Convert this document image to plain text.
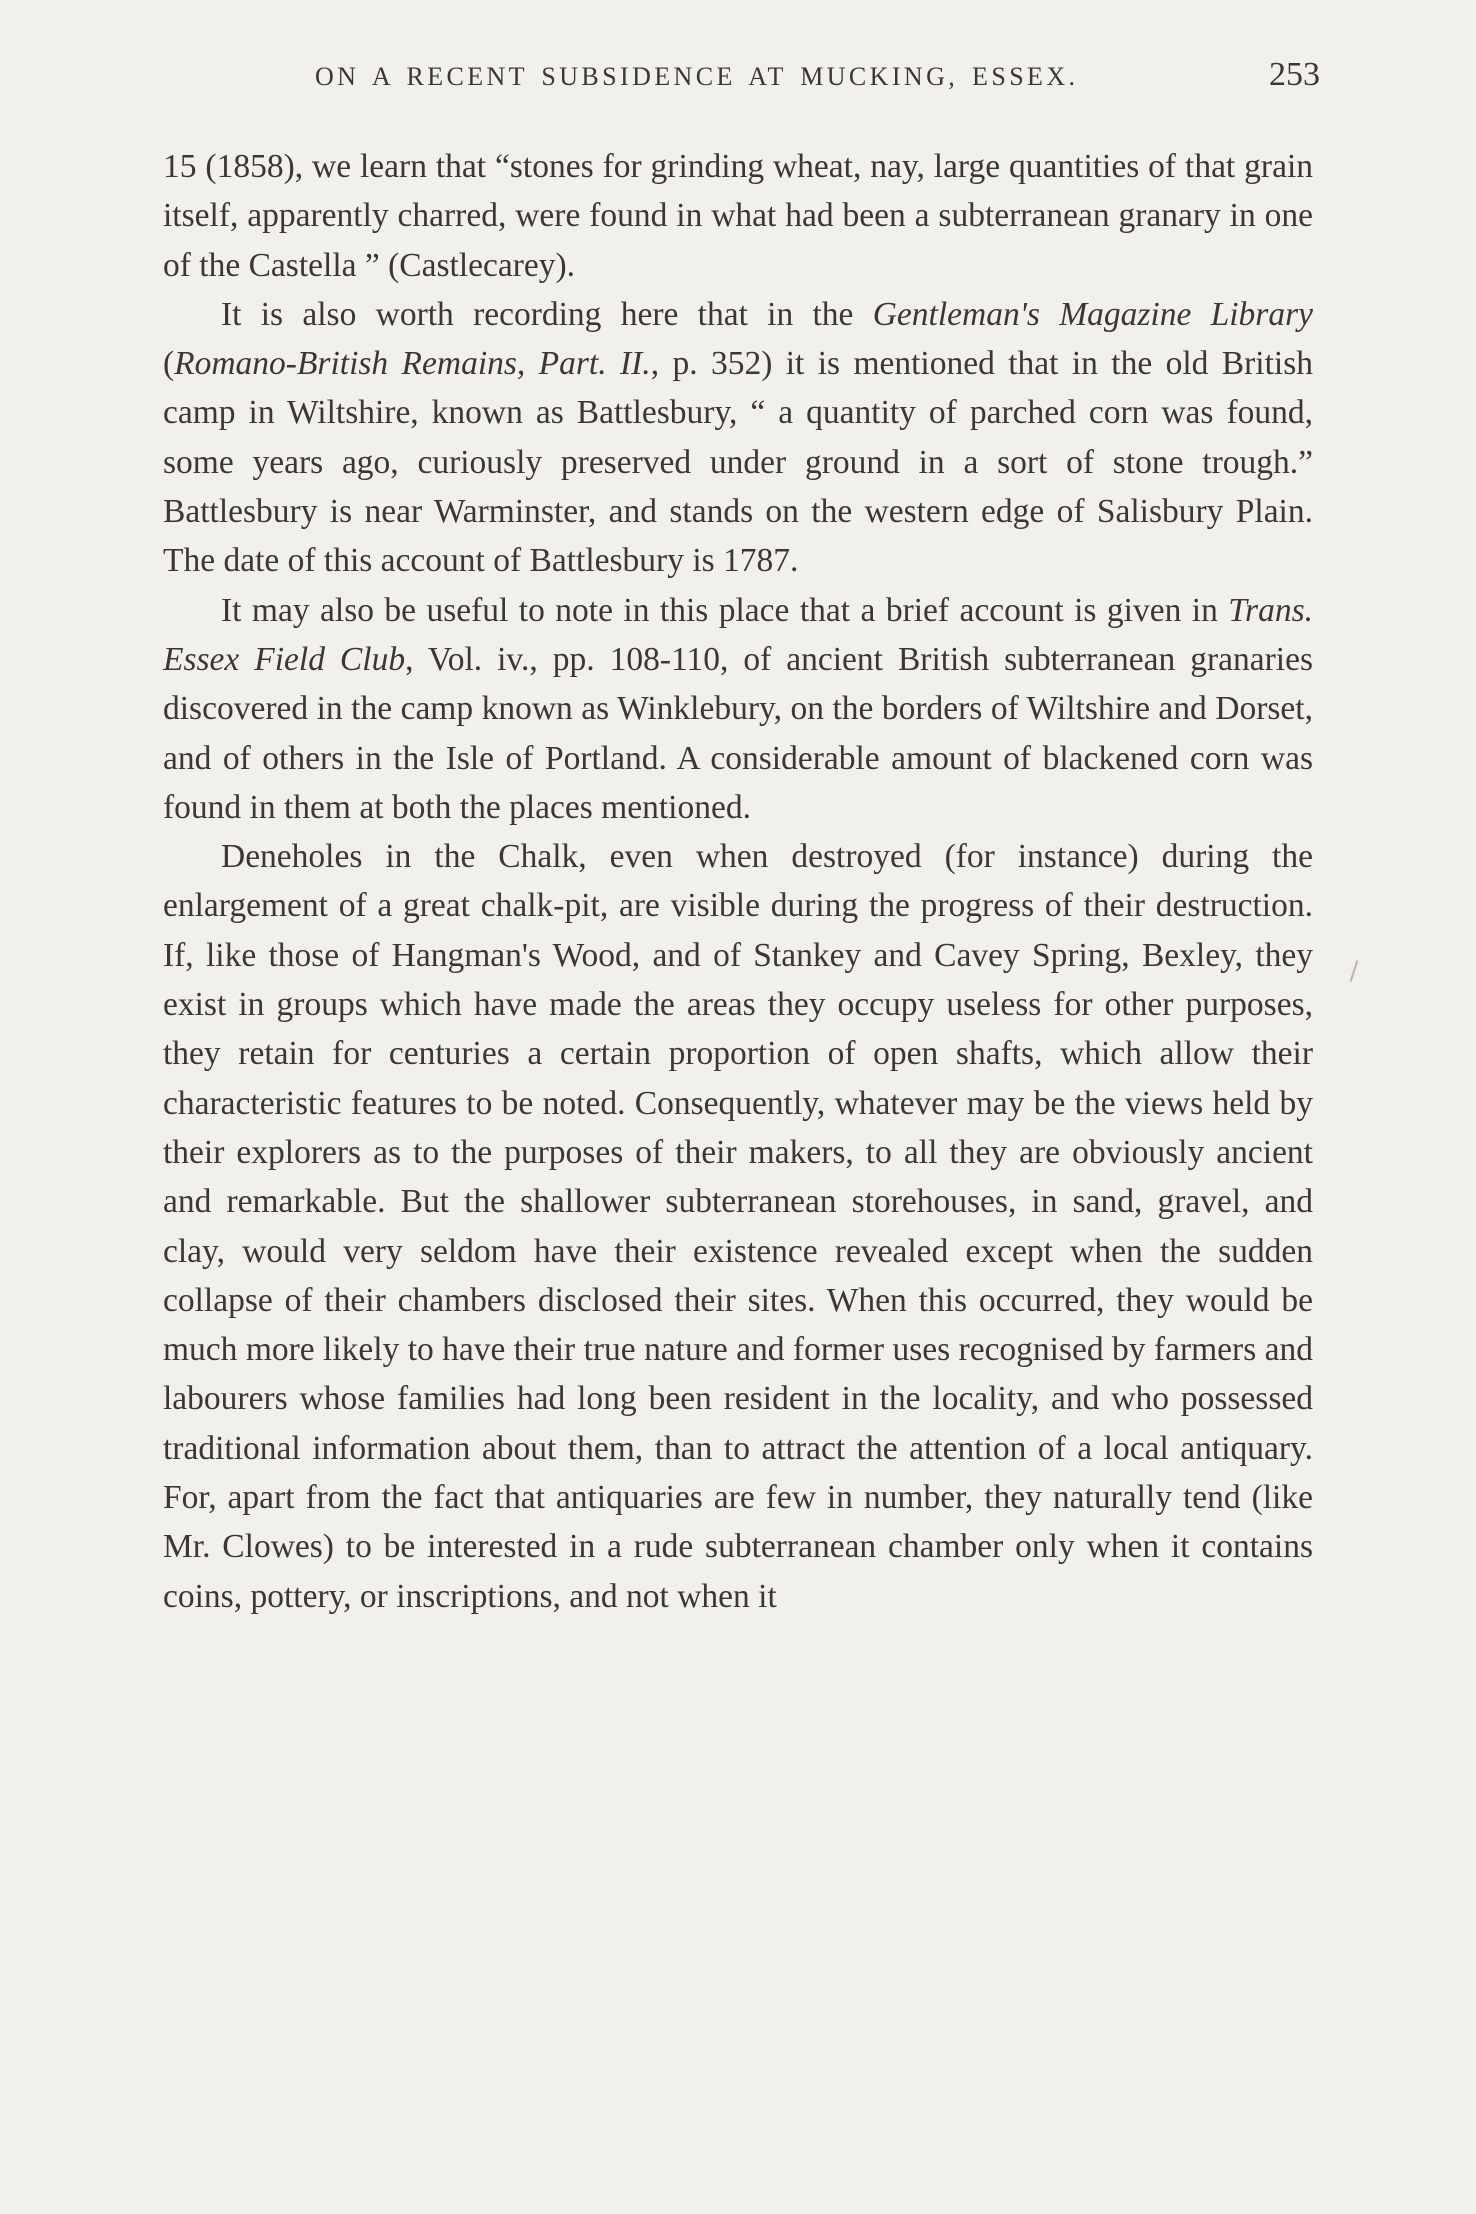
ON A RECENT SUBSIDENCE AT MUCKING, ESSEX.	253

15 (1858), we learn that “stones for grinding wheat, nay, large quantities of that grain itself, apparently charred, were found in what had been a subterranean granary in one of the Castella ” (Castlecarey).

It is also worth recording here that in the Gentleman's Magazine Library (Romano-British Remains, Part. II., p. 352) it is mentioned that in the old British camp in Wiltshire, known as Battlesbury, “ a quantity of parched corn was found, some years ago, curiously preserved under ground in a sort of stone trough.” Battlesbury is near Warminster, and stands on the western edge of Salisbury Plain. The date of this account of Battlesbury is 1787.

It may also be useful to note in this place that a brief account is given in Trans. Essex Field Club, Vol. iv., pp. 108-110, of ancient British subterranean granaries discovered in the camp known as Winklebury, on the borders of Wiltshire and Dorset, and of others in the Isle of Portland. A considerable amount of blackened corn was found in them at both the places mentioned.

Deneholes in the Chalk, even when destroyed (for instance) during the enlargement of a great chalk-pit, are visible during the progress of their destruction. If, like those of Hangman's Wood, and of Stankey and Cavey Spring, Bexley, they exist in groups which have made the areas they occupy useless for other purposes, they retain for centuries a certain proportion of open shafts, which allow their characteristic features to be noted. Consequently, whatever may be the views held by their explorers as to the purposes of their makers, to all they are obviously ancient and remarkable. But the shallower subterranean storehouses, in sand, gravel, and clay, would very seldom have their existence revealed except when the sudden collapse of their chambers disclosed their sites. When this occurred, they would be much more likely to have their true nature and former uses recognised by farmers and labourers whose families had long been resident in the locality, and who possessed traditional information about them, than to attract the attention of a local antiquary. For, apart from the fact that antiquaries are few in number, they naturally tend (like Mr. Clowes) to be interested in a rude subterranean chamber only when it contains coins, pottery, or inscriptions, and not when it
